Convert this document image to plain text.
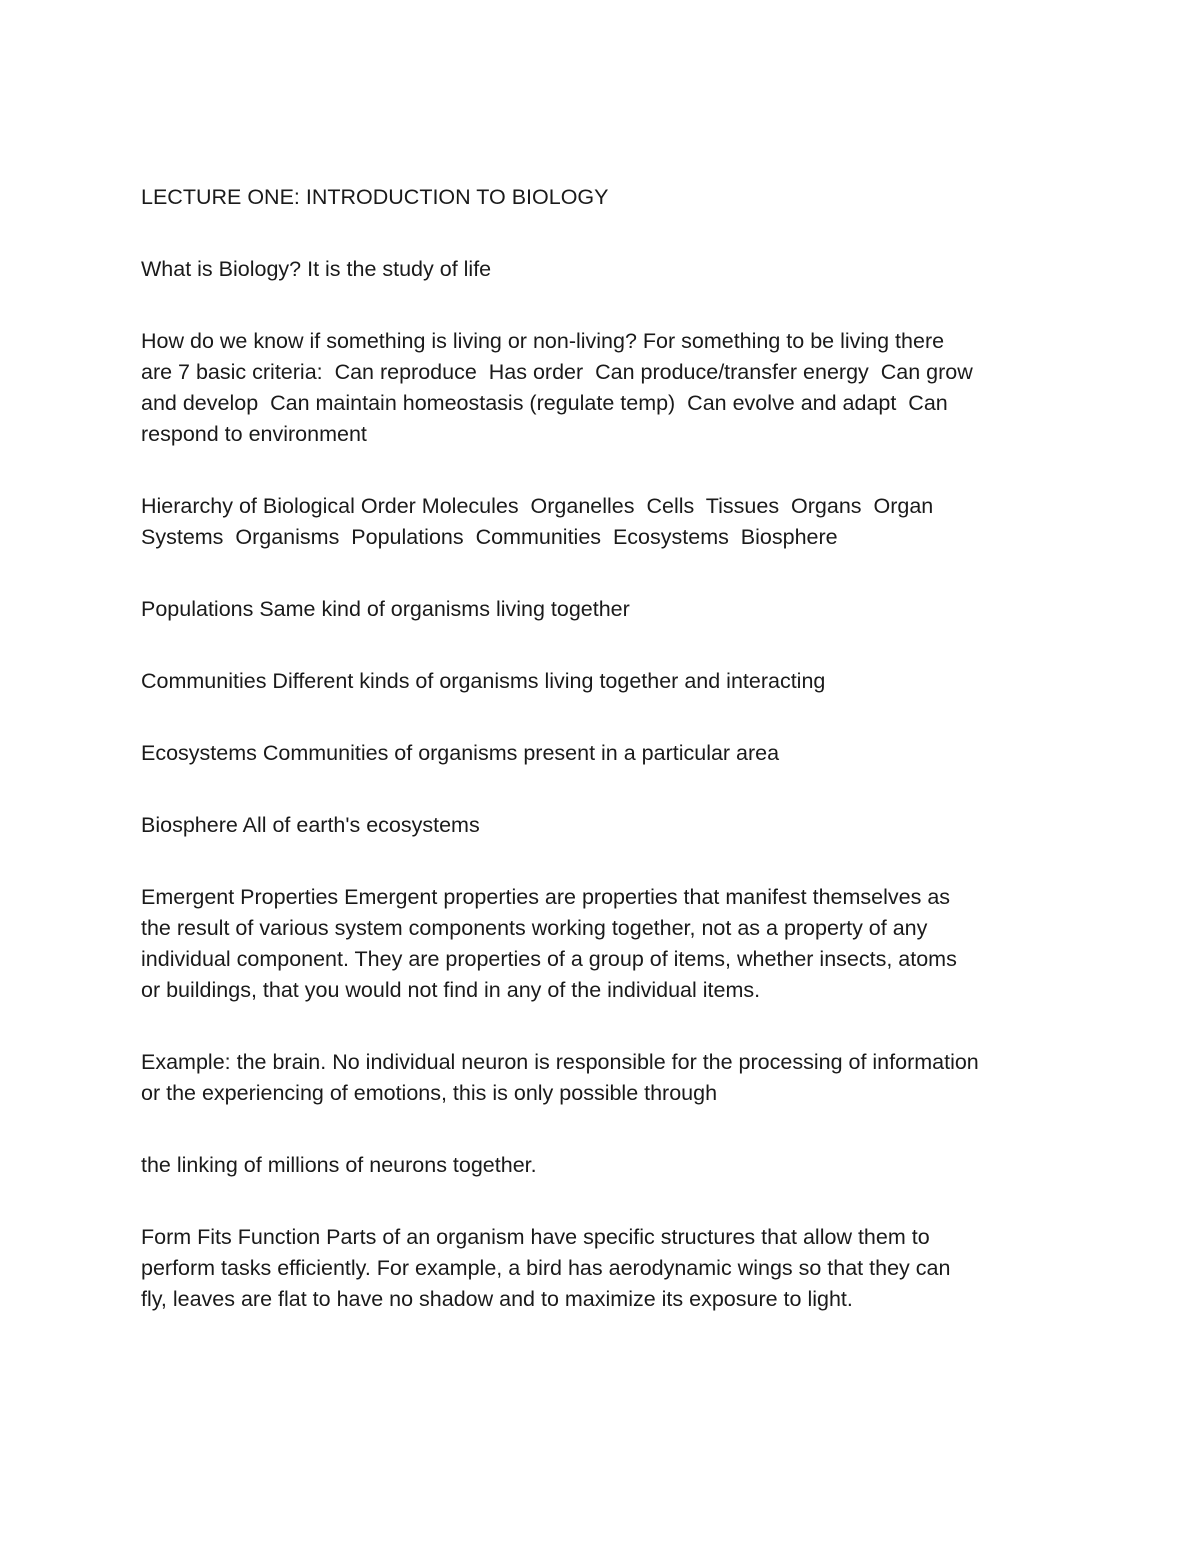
LECTURE ONE: INTRODUCTION TO BIOLOGY

What is Biology? It is the study of life

How do we know if something is living or non-living? For something to be living there
are 7 basic criteria:  Can reproduce  Has order  Can produce/transfer energy  Can grow
and develop  Can maintain homeostasis (regulate temp)  Can evolve and adapt  Can
respond to environment

Hierarchy of Biological Order Molecules  Organelles  Cells  Tissues  Organs  Organ
Systems  Organisms  Populations  Communities  Ecosystems  Biosphere

Populations Same kind of organisms living together

Communities Different kinds of organisms living together and interacting

Ecosystems Communities of organisms present in a particular area

Biosphere All of earth's ecosystems

Emergent Properties Emergent properties are properties that manifest themselves as
the result of various system components working together, not as a property of any
individual component. They are properties of a group of items, whether insects, atoms
or buildings, that you would not find in any of the individual items.

Example: the brain. No individual neuron is responsible for the processing of information
or the experiencing of emotions, this is only possible through

the linking of millions of neurons together.

Form Fits Function Parts of an organism have specific structures that allow them to
perform tasks efficiently. For example, a bird has aerodynamic wings so that they can
fly, leaves are flat to have no shadow and to maximize its exposure to light.
